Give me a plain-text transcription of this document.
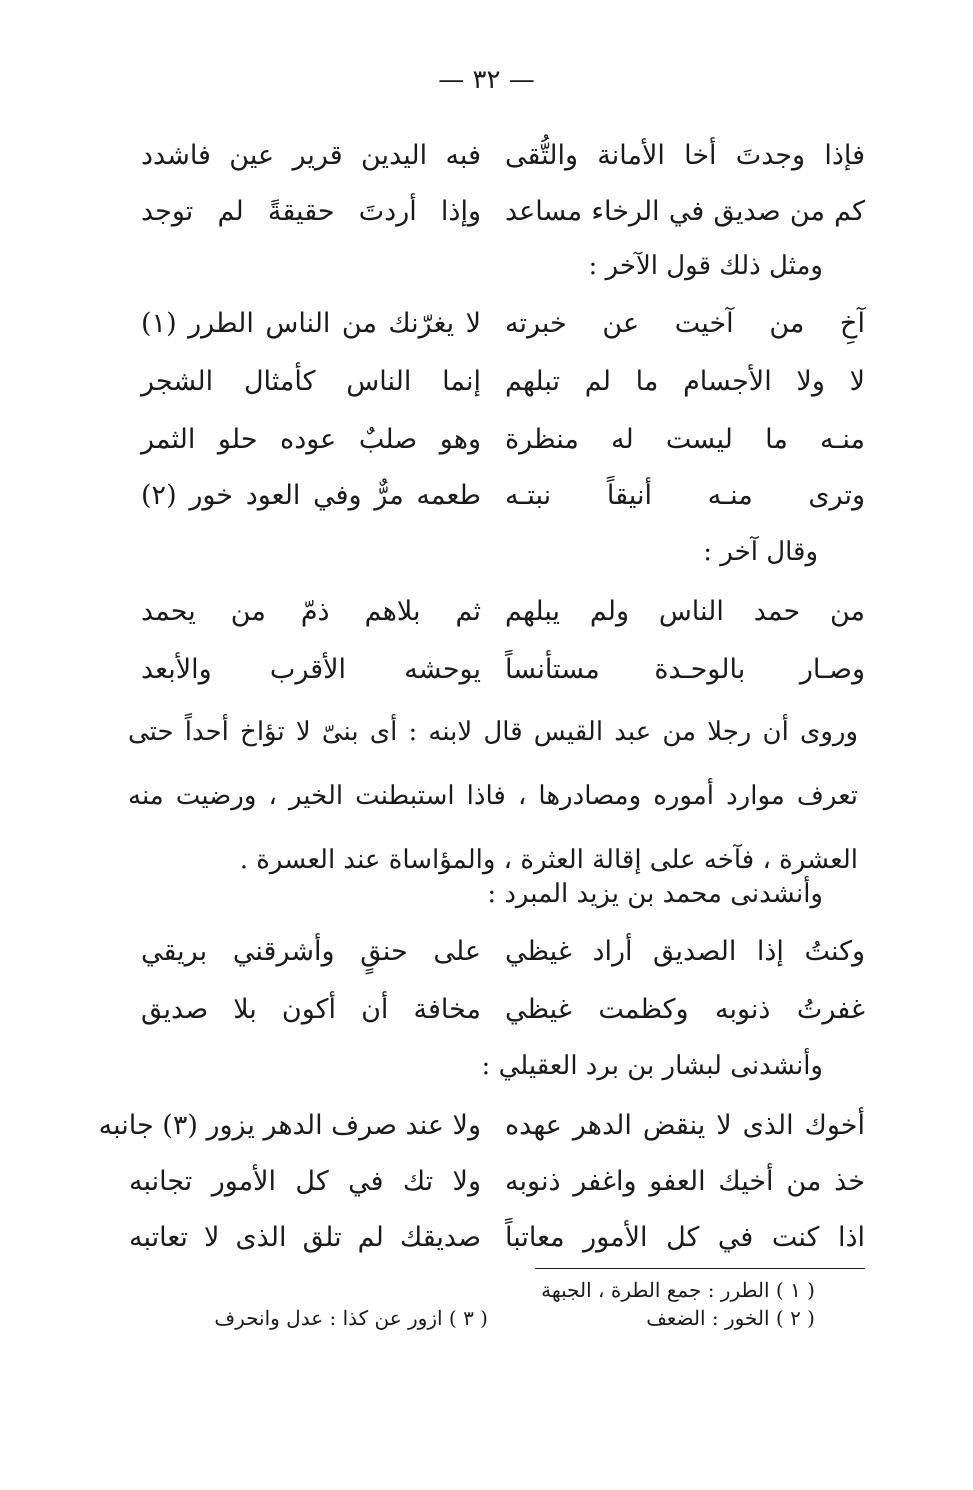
— ٣٢ —
فإذا وجدتَ أخا الأمانة والتُّقى
فبه اليدين قرير عين فاشدد
كم من صديق في الرخاء مساعد
وإذا أردتَ حقيقةً لم توجد
ومثل ذلك قول الآخر :
آخِ من آخيت عن خبرته
لا يغرّنك من الناس الطرر (١)
لا ولا الأجسام ما لم تبلهم
إنما الناس كأمثال الشجر
منـه ما ليست له منظرة
وهو صلبٌ عوده حلو الثمر
وترى منـه أنيقاً نبتـه
طعمه مرٌّ وفي العود خور (٢)
وقال آخر :
من حمد الناس ولم يبلهم
ثم بلاهم ذمّ من يحمد
وصـار بالوحـدة مستأنساً
يوحشه الأقرب والأبعد

وروى أن رجلا من عبد القيس قال لابنه : أى بنىّ لا تؤاخ أحداً حتى تعرف موارد أموره ومصادرها ، فاذا استبطنت الخير ، ورضيت منه العشرة ، فآخه على إقالة العثرة ، والمؤاساة عند العسرة .

وأنشدنى محمد بن يزيد المبرد :
وكنتُ إذا الصديق أراد غيظي
على حنقٍ وأشرقني بريقي
غفرتُ ذنوبه وكظمت غيظي
مخافة أن أكون بلا صديق
وأنشدنى لبشار بن برد العقيلي :
أخوك الذى لا ينقض الدهر عهده
ولا عند صرف الدهر يزور (٣) جانبه
خذ من أخيك العفو واغفر ذنوبه
ولا تك في كل الأمور تجانبه
اذا كنت في كل الأمور معاتباً
صديقك لم تلق الذى لا تعاتبه
( ١ ) الطرر : جمع الطرة ، الجبهة
( ٢ ) الخور : الضعف
( ٣ ) ازور عن كذا : عدل وانحرف
